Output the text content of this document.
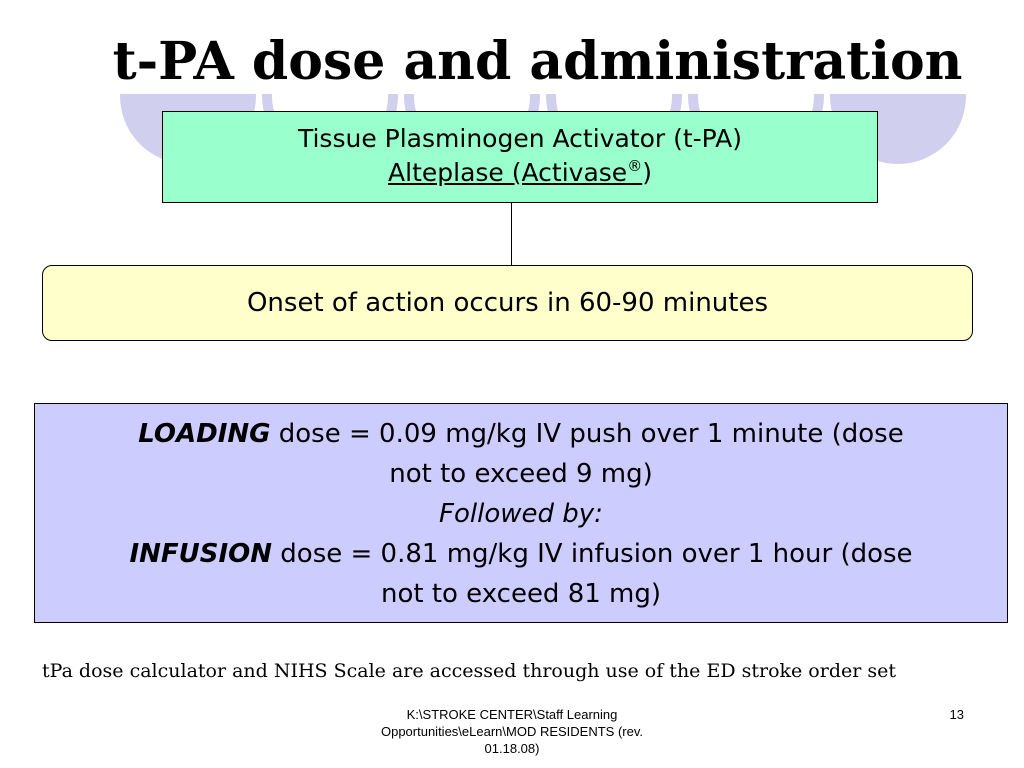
t-PA dose and administration
Tissue Plasminogen Activator (t-PA)
Alteplase (Activase®)
Onset of action occurs in 60-90 minutes
LOADING dose = 0.09 mg/kg IV push over 1 minute (dose
not to exceed 9 mg)
Followed by:
INFUSION dose = 0.81 mg/kg IV infusion over 1 hour (dose
not to exceed 81 mg)
tPa dose calculator and NIHS Scale are accessed through use of the ED stroke order set
K:\STROKE CENTER\Staff Learning
Opportunities\eLearn\MOD RESIDENTS (rev.
01.18.08)
13
